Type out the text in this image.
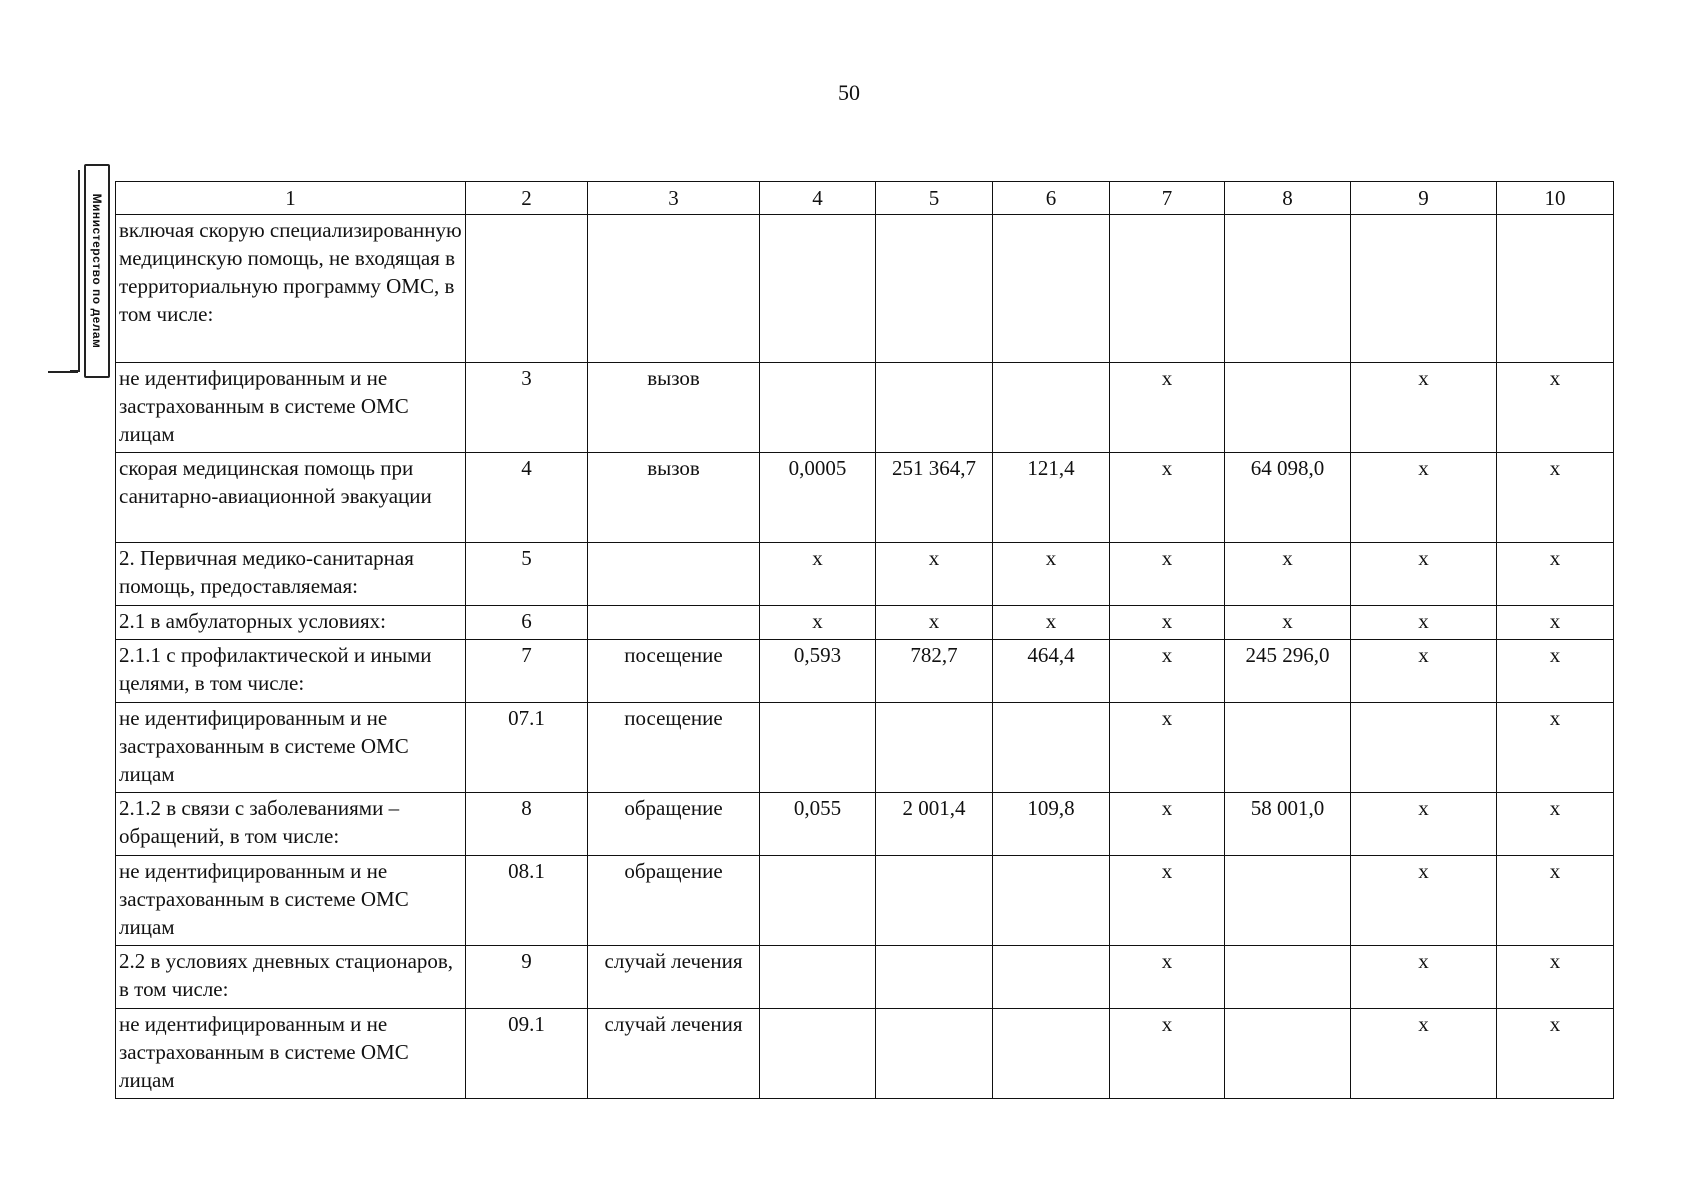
50
Министерство по делам	1	2	3	4	5	6	7	8	9	10
включая скорую специализированную медицинскую помощь, не входящая в территориальную программу ОМС, в том числе:									
не идентифицированным и не застрахованным в системе ОМС лицам	3	вызов				х		х	х
скорая медицинская помощь при санитарно-авиационной эвакуации	4	вызов	0,0005	251 364,7	121,4	х	64 098,0	х	х
2. Первичная медико-санитарная помощь, предоставляемая:	5		х	х	х	х	х	х	х
2.1 в амбулаторных условиях:	6		х	х	х	х	х	х	х
2.1.1 с профилактической и иными целями, в том числе:	7	посещение	0,593	782,7	464,4	х	245 296,0	х	х
не идентифицированным и не застрахованным в системе ОМС лицам	07.1	посещение				х			х
2.1.2 в связи с заболеваниями – обращений, в том числе:	8	обращение	0,055	2 001,4	109,8	х	58 001,0	х	х
не идентифицированным и не застрахованным в системе ОМС лицам	08.1	обращение				х		х	х
2.2 в условиях дневных стационаров, в том числе:	9	случай лечения				х		х	х
не идентифицированным и не застрахованным в системе ОМС лицам	09.1	случай лечения				х		х	х
